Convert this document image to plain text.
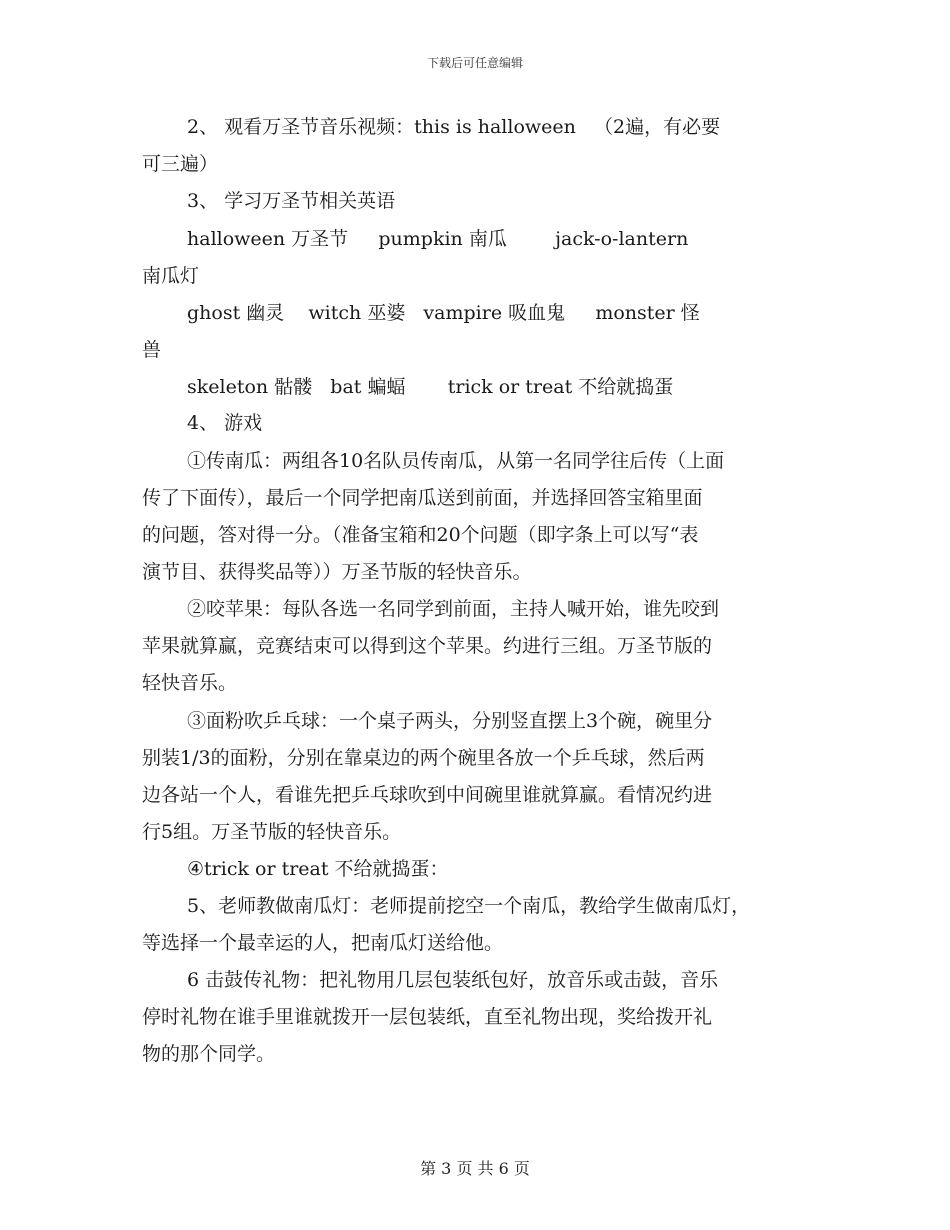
下载后可任意编辑
2、 观看万圣节音乐视频：this is halloween   （2遍，有必要
可三遍）
3、 学习万圣节相关英语
halloween 万圣节     pumpkin 南瓜        jack-o-lantern
南瓜灯
ghost 幽灵    witch 巫婆   vampire 吸血鬼     monster 怪
兽
skeleton 骷髅   bat 蝙蝠       trick or treat 不给就捣蛋
4、 游戏
①传南瓜：两组各10名队员传南瓜，从第一名同学往后传（上面
传了下面传），最后一个同学把南瓜送到前面，并选择回答宝箱里面
的问题，答对得一分。（准备宝箱和20个问题（即字条上可以写“表
演节目、获得奖品等））万圣节版的轻快音乐。
②咬苹果：每队各选一名同学到前面，主持人喊开始，谁先咬到
苹果就算赢，竞赛结束可以得到这个苹果。约进行三组。万圣节版的
轻快音乐。
③面粉吹乒乓球：一个桌子两头，分别竖直摆上3个碗，碗里分
别装1/3的面粉，分别在靠桌边的两个碗里各放一个乒乓球，然后两
边各站一个人，看谁先把乒乓球吹到中间碗里谁就算赢。看情况约进
行5组。万圣节版的轻快音乐。
④trick or treat 不给就捣蛋：
5、老师教做南瓜灯：老师提前挖空一个南瓜，教给学生做南瓜灯，
等选择一个最幸运的人，把南瓜灯送给他。
6 击鼓传礼物：把礼物用几层包装纸包好，放音乐或击鼓，音乐
停时礼物在谁手里谁就拨开一层包装纸，直至礼物出现，奖给拨开礼
物的那个同学。
第 3 页 共 6 页
